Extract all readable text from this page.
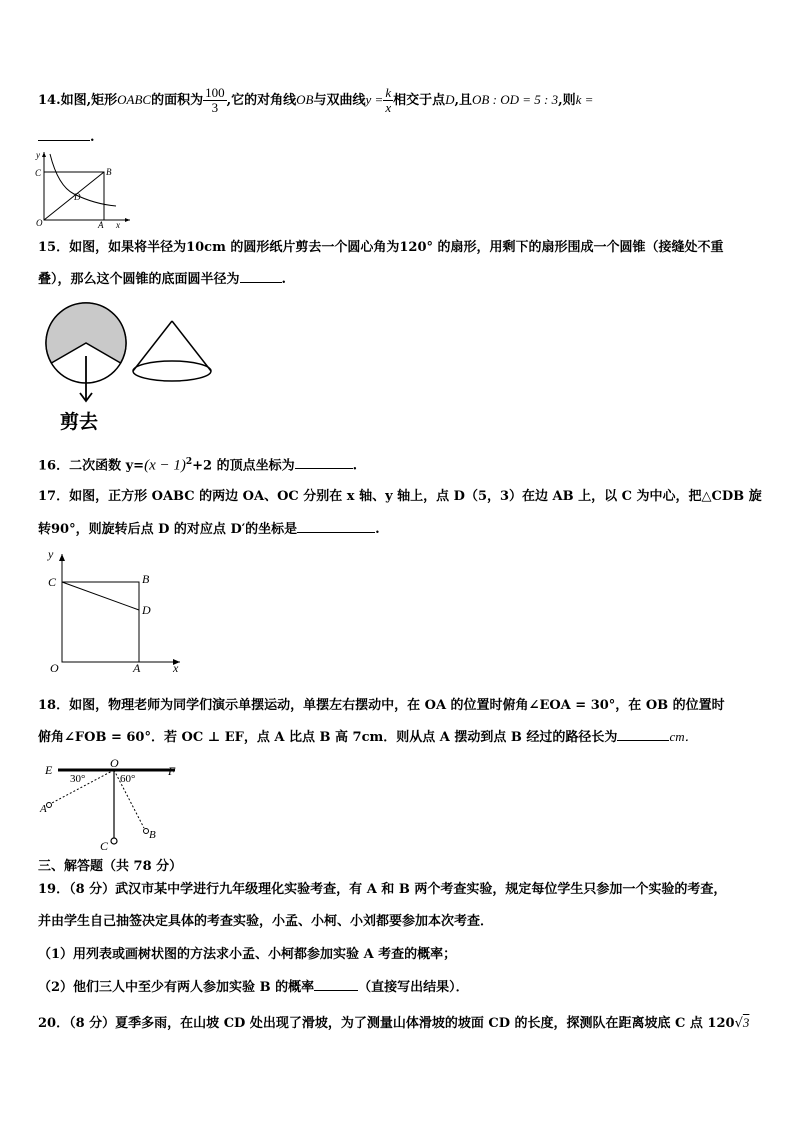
14.如图,矩形OABC的面积为 $\frac{100}{3}$ ,它的对角线OB与双曲线$y = \frac{k}{x}$ 相交于点D,且OB : OD = 5 : 3,则k =
.
y
C	B
D
O	A x
15．如图，如果将半径为10cm 的圆形纸片剪去一个圆心角为120° 的扇形，用剩下的扇形围成一个圆锥（接缝处不重
叠），那么这个圆锥的底面圆半径为	.
剪去
16．二次函数 $y=(x - 1)^2+2$ 的顶点坐标为	.
17．如图，正方形 OABC 的两边 OA、OC 分别在 x 轴、y 轴上，点 D（5，3）在边 AB 上，以 C 为中心，把△CDB 旋
转90°，则旋转后点 D 的对应点 D′的坐标是	.
y
C	B
D
O	A	x
18．如图，物理老师为同学们演示单摆运动，单摆左右摆动中，在 OA 的位置时俯角∠EOA = 30°，在 OB 的位置时
俯角∠FOB = 60°．若 OC ⊥ EF，点 A 比点 B 高 7cm．则从点 A 摆动到点 B 经过的路径长为	cm．
E	O
F
30°	60°
A
B
C
三、解答题（共 78 分）
19．（8 分）武汉市某中学进行九年级理化实验考查，有 A 和 B 两个考查实验，规定每位学生只参加一个实验的考查，
并由学生自己抽签决定具体的考查实验，小孟、小柯、小刘都要参加本次考查．
（1）用列表或画树状图的方法求小孟、小柯都参加实验 A 考查的概率；
（2）他们三人中至少有两人参加实验 B 的概率	（直接写出结果）．
20．（8 分）夏季多雨，在山坡 CD 处出现了滑坡，为了测量山体滑坡的坡面 CD 的长度，探测队在距离坡底 C 点 120√3
